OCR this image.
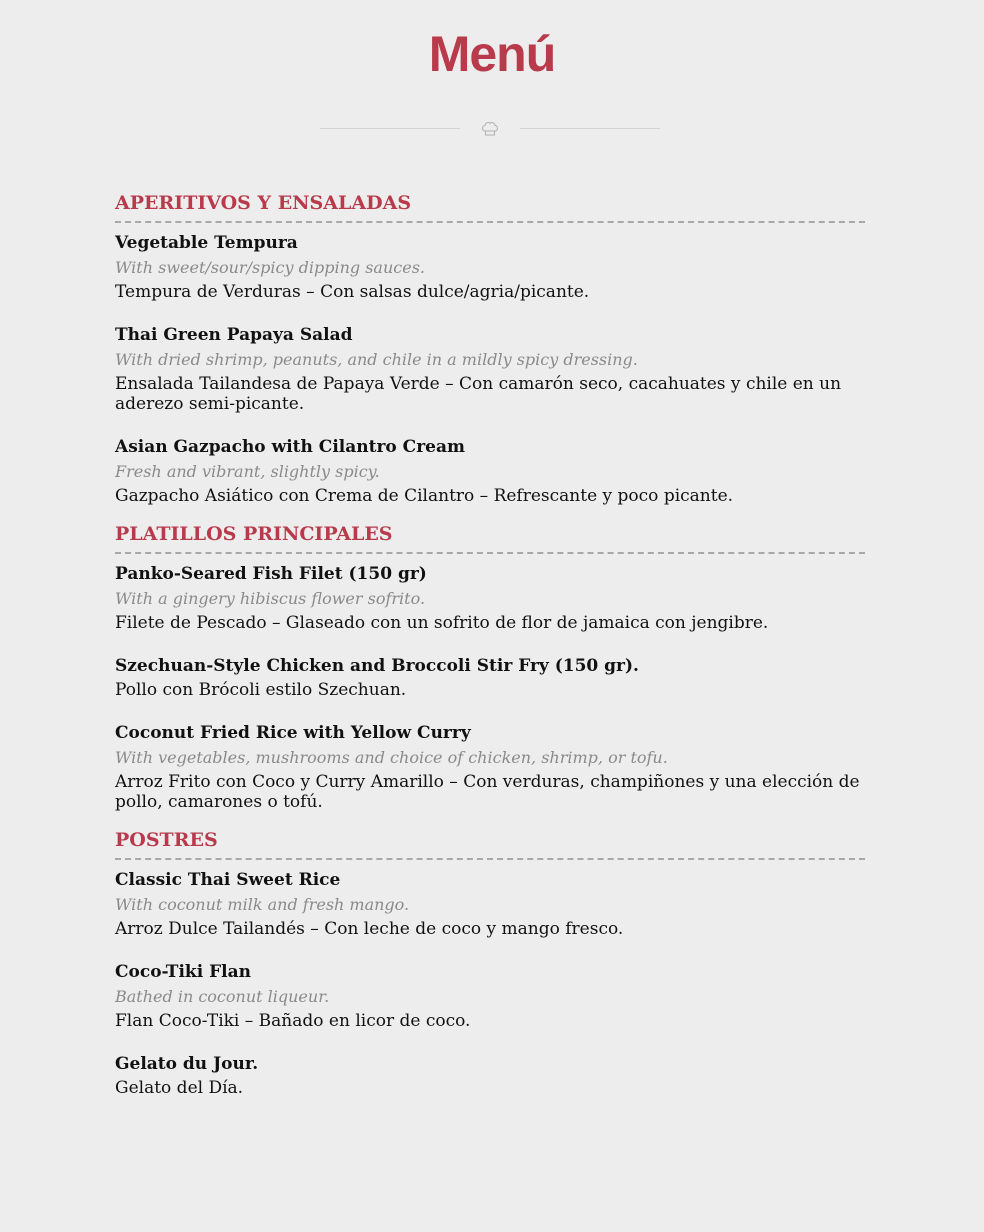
Menú
APERITIVOS Y ENSALADAS
Vegetable Tempura
With sweet/sour/spicy dipping sauces.
Tempura de Verduras – Con salsas dulce/agria/picante.
Thai Green Papaya Salad
With dried shrimp, peanuts, and chile in a mildly spicy dressing.
Ensalada Tailandesa de Papaya Verde – Con camarón seco, cacahuates y chile en un aderezo semi-picante.
Asian Gazpacho with Cilantro Cream
Fresh and vibrant, slightly spicy.
Gazpacho Asiático con Crema de Cilantro – Refrescante y poco picante.
PLATILLOS PRINCIPALES
Panko-Seared Fish Filet (150 gr)
With a gingery hibiscus flower sofrito.
Filete de Pescado – Glaseado con un sofrito de flor de jamaica con jengibre.
Szechuan-Style Chicken and Broccoli Stir Fry (150 gr).
Pollo con Brócoli estilo Szechuan.
Coconut Fried Rice with Yellow Curry
With vegetables, mushrooms and choice of chicken, shrimp, or tofu.
Arroz Frito con Coco y Curry Amarillo – Con verduras, champiñones y una elección de pollo, camarones o tofú.
POSTRES
Classic Thai Sweet Rice
With coconut milk and fresh mango.
Arroz Dulce Tailandés – Con leche de coco y mango fresco.
Coco-Tiki Flan
Bathed in coconut liqueur.
Flan Coco-Tiki – Bañado en licor de coco.
Gelato du Jour.
Gelato del Día.
